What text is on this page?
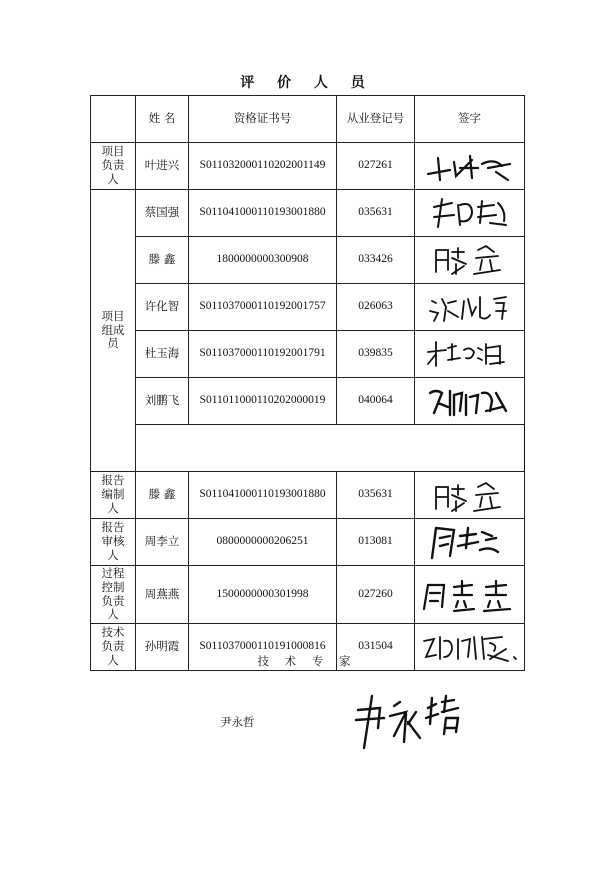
评 价 人 员
	姓 名	资格证书号	从业登记号	签字

项目
负责
人	叶进兴	S011032000110202001149	027261	

项目
组成
员	蔡国强	S011041000110193001880	035631	

	滕 鑫	1800000000300908	033426	

	许化智	S011037000110192001757	026063	

	杜玉海	S011037000110192001791	039835	

	刘鹏飞	S011011000110202000019	040064	

报告
编制
人	滕 鑫	S011041000110193001880	035631	

报告
审核
人	周李立	0800000000206251	013081	

过程
控制
负责
人	周燕燕	1500000000301998	027260	

技术
负责
人	孙明霞	S011037000110191000816	031504	
技 术 专 家
尹永哲
